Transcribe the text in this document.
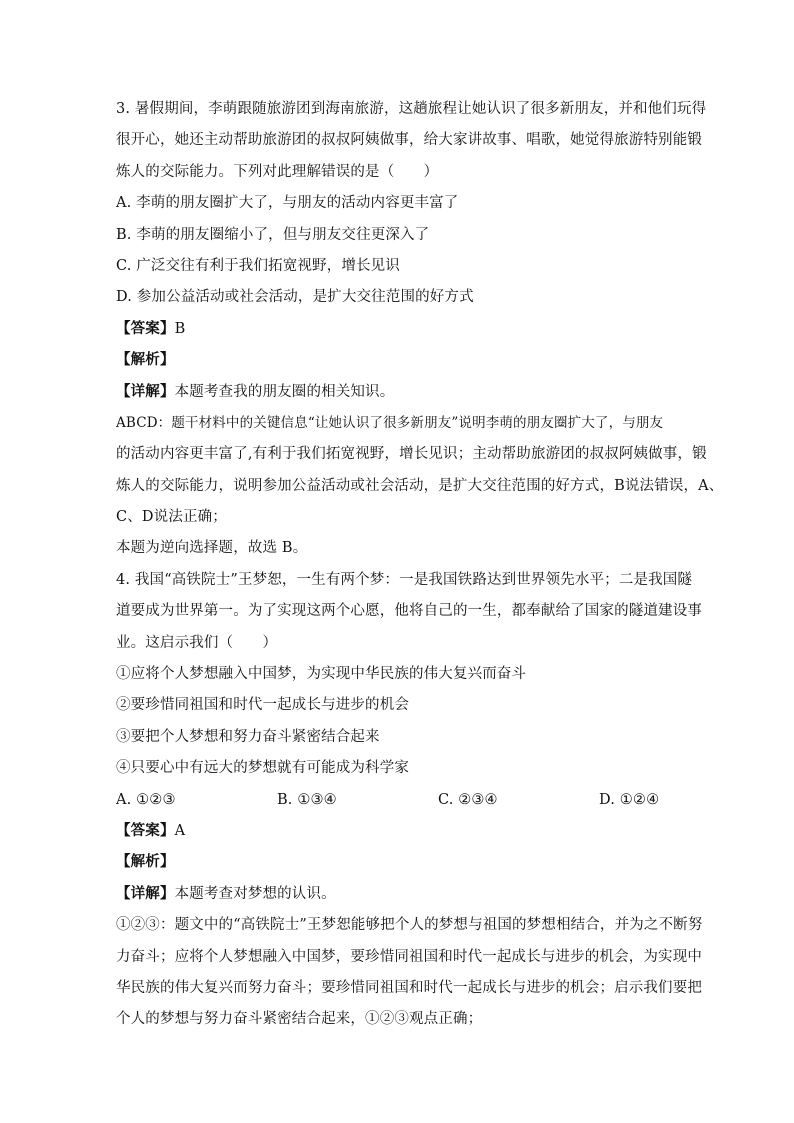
3. 暑假期间，李萌跟随旅游团到海南旅游，这趟旅程让她认识了很多新朋友，并和他们玩得
很开心，她还主动帮助旅游团的叔叔阿姨做事，给大家讲故事、唱歌，她觉得旅游特别能锻
炼人的交际能力。下列对此理解错误的是（　　）
A. 李萌的朋友圈扩大了，与朋友的活动内容更丰富了
B. 李萌的朋友圈缩小了，但与朋友交往更深入了
C. 广泛交往有利于我们拓宽视野，增长见识
D. 参加公益活动或社会活动，是扩大交往范围的好方式
【答案】B
【解析】
【详解】本题考查我的朋友圈的相关知识。
ABCD：题干材料中的关键信息“让她认识了很多新朋友”说明李萌的朋友圈扩大了，与朋友
的活动内容更丰富了,有利于我们拓宽视野，增长见识；主动帮助旅游团的叔叔阿姨做事，锻
炼人的交际能力，说明参加公益活动或社会活动，是扩大交往范围的好方式，B说法错误，A、
C、D说法正确；
本题为逆向选择题，故选 B。
4. 我国“高铁院士”王梦恕，一生有两个梦：一是我国铁路达到世界领先水平；二是我国隧
道要成为世界第一。为了实现这两个心愿，他将自己的一生，都奉献给了国家的隧道建设事
业。这启示我们（　　）
①应将个人梦想融入中国梦，为实现中华民族的伟大复兴而奋斗
②要珍惜同祖国和时代一起成长与进步的机会
③要把个人梦想和努力奋斗紧密结合起来
④只要心中有远大的梦想就有可能成为科学家
A. ①②③	B. ①③④	C. ②③④	D. ①②④
【答案】A
【解析】
【详解】本题考查对梦想的认识。
①②③：题文中的“高铁院士”王梦恕能够把个人的梦想与祖国的梦想相结合，并为之不断努
力奋斗；应将个人梦想融入中国梦，要珍惜同祖国和时代一起成长与进步的机会，为实现中
华民族的伟大复兴而努力奋斗；要珍惜同祖国和时代一起成长与进步的机会；启示我们要把
个人的梦想与努力奋斗紧密结合起来，①②③观点正确；
